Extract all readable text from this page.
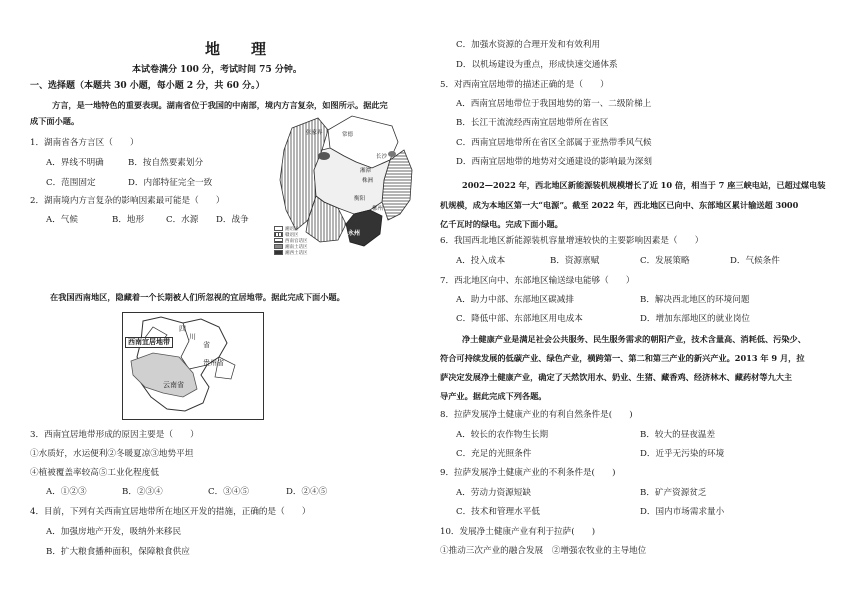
地　理
本试卷满分 100 分，考试时间 75 分钟。
一、选择题（本题共 30 小题，每小题 2 分，共 60 分。）
方言，是一地特色的重要表现。湖南省位于我国的中南部，境内方言复杂，如图所示。据此完
成下面小题。
1．湖南省各方言区（　　）
A．界线不明确	B．按自然要素划分
C．范围固定	D．内部特征完全一致
2．湖南境内方言复杂的影响因素最可能是（　　）
A．气候	B．地形	C．水源 D．战争
在我国西南地区，隐藏着一个长期被人们所忽视的宜居地带。据此完成下面小题。
西南宜居地带
四
川
省
贵州省
云南省
3．西南宜居地带形成的原因主要是（　　）
①水质好，水运便利②冬暖夏凉③地势平坦
④植被覆盖率较高⑤工业化程度低
A．①②③	B．②③④	C．③④⑤	D．②④⑤
4．目前，下列有关西南宜居地带所在地区开发的措施，正确的是（　　）
A．加强房地产开发，吸纳外来移民
B．扩大粮食播种面积，保障粮食供应
张家界	常德
长沙
湘潭
株洲
衡阳
郴州
永州
湘语区
赣语区
西南官话区
湘南土话区
湘西土话区
C．加强水资源的合理开发和有效利用
D．以机场建设为重点，形成快速交通体系
5．对西南宜居地带的描述正确的是（　　）
A．西南宜居地带位于我国地势的第一、二级阶梯上
B．长江干流流经西南宜居地带所在省区
C．西南宜居地带所在省区全部属于亚热带季风气候
D．西南宜居地带的地势对交通建设的影响最为深刻
2002—2022 年，西北地区新能源装机规模增长了近 10 倍，相当于 7 座三峡电站，已超过煤电装
机规模，成为本地区第一大“电源”。截至 2022 年，西北地区已向中、东部地区累计输送超 3000
亿千瓦时的绿电。完成下面小题。
6．我国西北地区新能源装机容量增速较快的主要影响因素是（　　）
A．投入成本	B．资源禀赋	C．发展策略	D．气候条件
7．西北地区向中、东部地区输送绿电能够（　　）
A．助力中部、东部地区碳减排	B．解决西北地区的环境问题
C．降低中部、东部地区用电成本	D．增加东部地区的就业岗位
净土健康产业是满足社会公共服务、民生服务需求的朝阳产业，技术含量高、消耗低、污染少、
符合可持续发展的低碳产业、绿色产业，横跨第一、第二和第三产业的新兴产业。2013 年 9 月，拉
萨决定发展净土健康产业，确定了天然饮用水、奶业、生猪、藏香鸡、经济林木、藏药材等九大主
导产业。据此完成下列各题。
8．拉萨发展净土健康产业的有利自然条件是(　　)
A．较长的农作物生长期	B．较大的昼夜温差
C．充足的光照条件	D．近乎无污染的环境
9．拉萨发展净土健康产业的不利条件是(　　)
A．劳动力资源短缺	B．矿产资源贫乏
C．技术和管理水平低	D．国内市场需求量小
10．发展净土健康产业有利于拉萨(　　)
①推动三次产业的融合发展　②增强农牧业的主导地位
